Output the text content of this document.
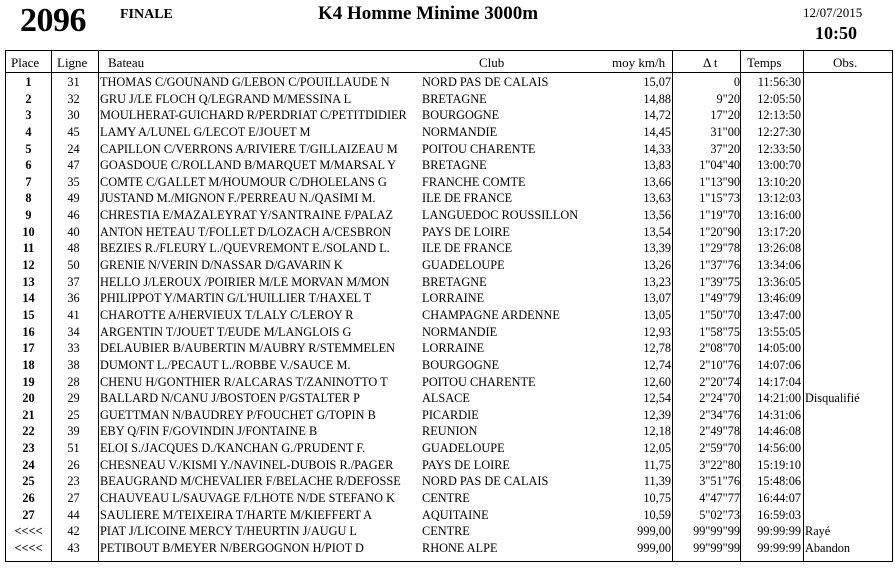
2096 FINALE	K4 Homme Minime 3000m	12/07/2015
10:50
Place Ligne Bateau	Club	moy km/h	Δ t Temps	Obs.
1	31	THOMAS C/GOUNAND G/LEBON C/POUILLAUDE N	NORD PAS DE CALAIS	15,07	0	11:56:30
2	32	GRU J/LE FLOCH Q/LEGRAND M/MESSINA L	BRETAGNE	14,88	9"20	12:05:50
3	30	MOULHERAT-GUICHARD R/PERDRIAT C/PETITDIDIER	BOURGOGNE	14,72	17"20	12:13:50
4	45	LAMY A/LUNEL G/LECOT E/JOUET M	NORMANDIE	14,45	31"00	12:27:30
5	24	CAPILLON C/VERRONS A/RIVIERE T/GILLAIZEAU M	POITOU CHARENTE	14,33	37"20	12:33:50
6	47	GOASDOUE C/ROLLAND B/MARQUET M/MARSAL Y	BRETAGNE	13,83	1"04"40	13:00:70
7	35	COMTE C/GALLET M/HOUMOUR C/DHOLELANS G	FRANCHE COMTE	13,66	1"13"90	13:10:20
8	49	JUSTAND M./MIGNON F./PERREAU N./QASIMI M.	ILE DE FRANCE	13,63	1"15"73	13:12:03
9	46	CHRESTIA E/MAZALEYRAT Y/SANTRAINE F/PALAZ	LANGUEDOC ROUSSILLON	13,56	1"19"70	13:16:00
10	40	ANTON HETEAU T/FOLLET D/LOZACH A/CESBRON	PAYS DE LOIRE	13,54	1"20"90	13:17:20
11	48	BEZIES R./FLEURY L./QUEVREMONT E./SOLAND L.	ILE DE FRANCE	13,39	1"29"78	13:26:08
12	50	GRENIE N/VERIN D/NASSAR D/GAVARIN K	GUADELOUPE	13,26	1"37"76	13:34:06
13	37	HELLO J/LEROUX /POIRIER M/LE MORVAN M/MON	BRETAGNE	13,23	1"39"75	13:36:05
14	36	PHILIPPOT Y/MARTIN G/L'HUILLIER T/HAXEL T	LORRAINE	13,07	1"49"79	13:46:09
15	41	CHAROTTE A/HERVIEUX T/LALY C/LEROY R	CHAMPAGNE ARDENNE	13,05	1"50"70	13:47:00
16	34	ARGENTIN T/JOUET T/EUDE M/LANGLOIS G	NORMANDIE	12,93	1"58"75	13:55:05
17	33	DELAUBIER B/AUBERTIN M/AUBRY R/STEMMELEN	LORRAINE	12,78	2"08"70	14:05:00
18	38	DUMONT L./PECAUT L./ROBBE V./SAUCE M.	BOURGOGNE	12,74	2"10"76	14:07:06
19	28	CHENU H/GONTHIER R/ALCARAS T/ZANINOTTO T	POITOU CHARENTE	12,60	2"20"74	14:17:04
20	29	BALLARD N/CANU J/BOSTOEN P/GSTALTER P	ALSACE	12,54	2"24"70	14:21:00 Disqualifié
21	25	GUETTMAN N/BAUDREY P/FOUCHET G/TOPIN B	PICARDIE	12,39	2"34"76	14:31:06
22	39	EBY Q/FIN F/GOVINDIN J/FONTAINE B	REUNION	12,18	2"49"78	14:46:08
23	51	ELOI S./JACQUES D./KANCHAN G./PRUDENT F.	GUADELOUPE	12,05	2"59"70	14:56:00
24	26	CHESNEAU V./KISMI Y./NAVINEL-DUBOIS R./PAGER	PAYS DE LOIRE	11,75	3"22"80	15:19:10
25	23	BEAUGRAND M/CHEVALIER F/BELACHE R/DEFOSSE	NORD PAS DE CALAIS	11,39	3"51"76	15:48:06
26	27	CHAUVEAU L/SAUVAGE F/LHOTE N/DE STEFANO K	CENTRE	10,75	4"47"77	16:44:07
27	44	SAULIERE M/TEIXEIRA T/HARTE M/KIEFFERT A	AQUITAINE	10,59	5"02"73	16:59:03
<<<<	42	PIAT J/LICOINE MERCY T/HEURTIN J/AUGU L	CENTRE	999,00	99"99"99	99:99:99 Rayé
<<<<	43	PETIBOUT B/MEYER N/BERGOGNON H/PIOT D	RHONE ALPE	999,00	99"99"99	99:99:99 Abandon
